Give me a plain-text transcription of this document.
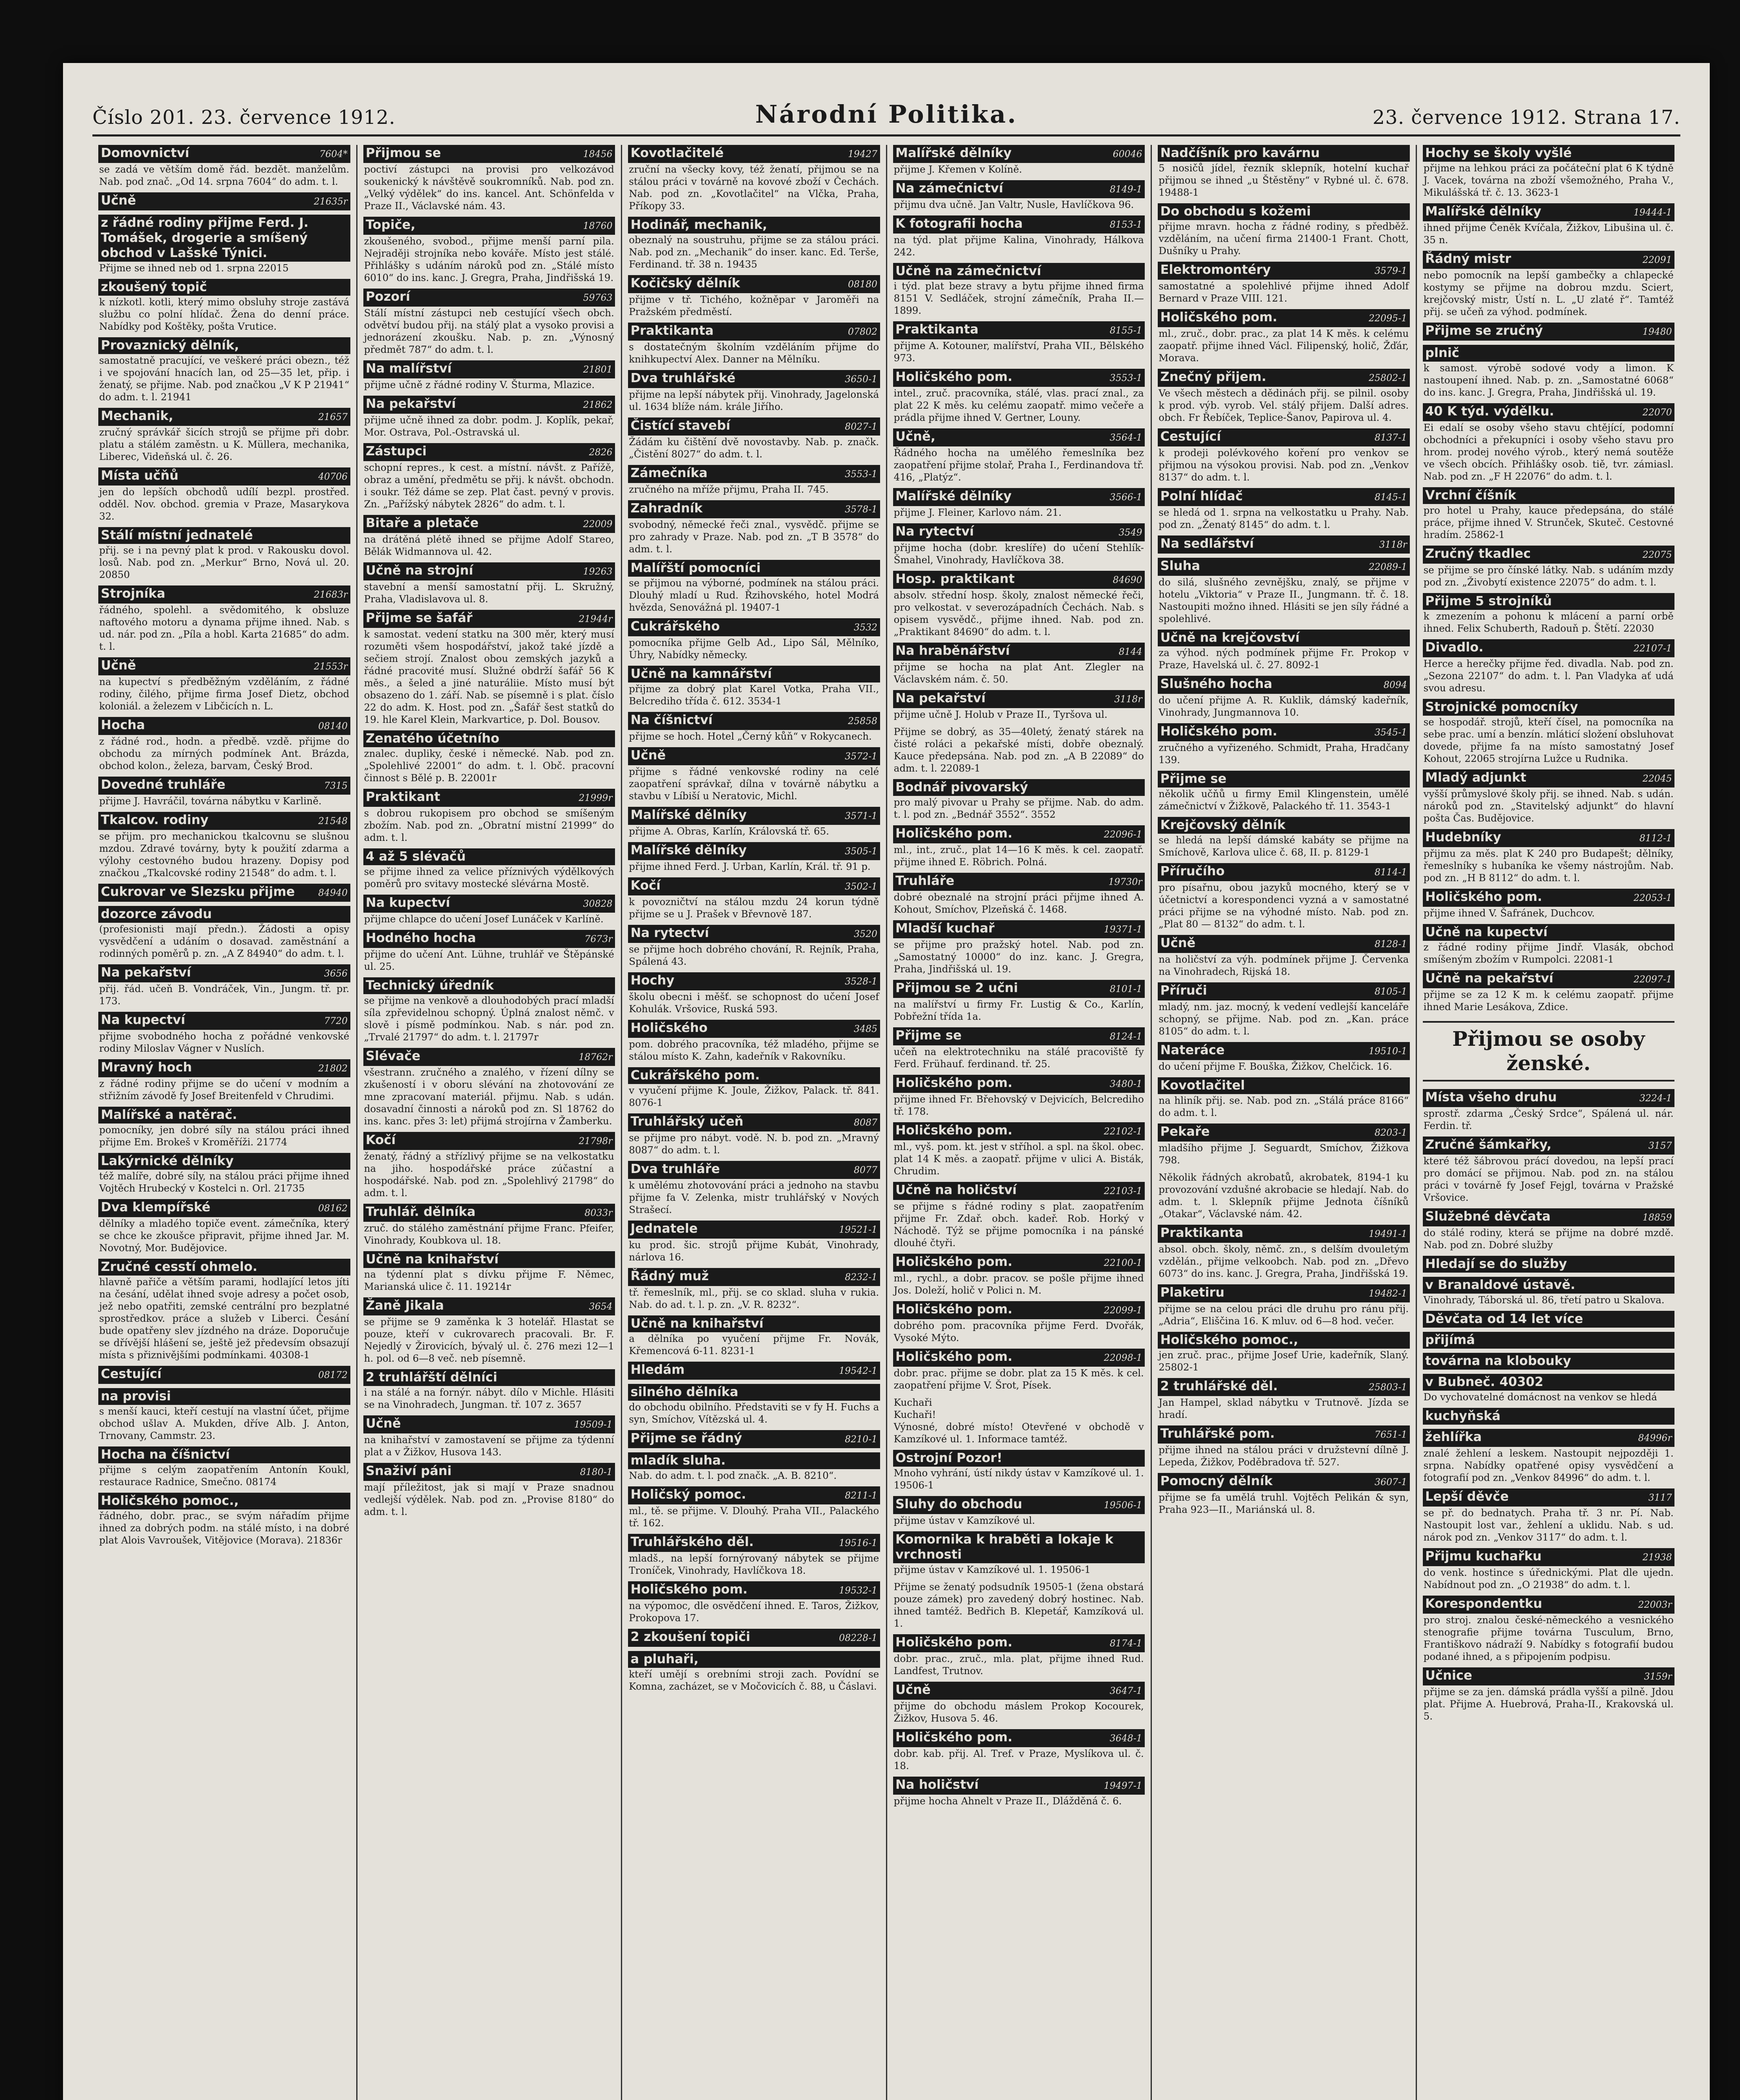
Číslo 201. 23. července 1912.	Národní Politika.	23. července 1912. Strana 17.
Domovnictví	7604*
se zadá ve větším domě řád. bezdět. manželům. Nab. pod znač. „Od 14. srpna 7604“ do adm. t. l.
Učně	21635r
z řádné rodiny přijme Ferd. J. Tomášek, drogerie a smíšený obchod v Lašské Týnici.
Přijme se ihned neb od 1. srpna 22015
zkoušený topič
k nízkotl. kotli, který mimo obsluhy stroje zastává službu co polní hlídač. Žena do denní práce. Nabídky pod Koštěky, pošta Vrutice.
Provaznický dělník,
samostatně pracující, ve veškeré práci obezn., též i ve spojování hnacích lan, od 25—35 let, přip. i ženatý, se přijme. Nab. pod značkou „V K P 21941“ do adm. t. l. 21941
Mechanik,	21657
zručný správkář šicích strojů se přijme při dobr. platu a stálém zaměstn. u K. Müllera, mechanika, Liberec, Videňská ul. č. 26.
Místa učňů	40706
jen do lepších obchodů udílí bezpl. prostřed. odděl. Nov. obchod. gremia v Praze, Masarykova 32.
Stálí místní jednatelé
přij. se i na pevný plat k prod. v Rakousku dovol. losů. Nab. pod zn. „Merkur“ Brno, Nová ul. 20. 20850
Strojníka	21683r
řádného, spolehl. a svědomitého, k obsluze naftového motoru a dynama přijme ihned. Nab. s ud. nár. pod zn. „Píla a hobl. Karta 21685“ do adm. t. l.
Učně	21553r
na kupectví s předběžným vzděláním, z řádné rodiny, čilého, přijme firma Josef Dietz, obchod koloniál. a železem v Libčicích n. L.
Hocha	08140
z řádné rod., hodn. a předbě. vzdě. přijme do obchodu za mírných podmínek Ant. Brázda, obchod kolon., železa, barvam, Český Brod.
Dovedné truhláře	7315
přijme J. Havráčil, továrna nábytku v Karlině.
Tkalcov. rodiny	21548
se přijm. pro mechanickou tkalcovnu se slušnou mzdou. Zdravé továrny, byty k použití zdarma a výlohy cestovného budou hrazeny. Dopisy pod značkou „Tkalcovské rodiny 21548“ do adm. t. l.
Cukrovar ve Slezsku přijme	84940
dozorce závodu
(profesionisti mají předn.). Žádosti a opisy vysvědčení a udáním o dosavad. zaměstnání a rodinných poměrů p. zn. „A Z 84940“ do adm. t. l.
Na pekařství	3656
přij. řád. učeň B. Vondráček, Vin., Jungm. tř. pr. 173.
Na kupectví	7720
přijme svobodného hocha z pořádné venkovské rodiny Miloslav Vágner v Nuslích.
Mravný hoch	21802
z řádné rodiny přijme se do učení v modním a střižním závodě fy Josef Breitenfeld v Chrudimi.
Malířské a natěrač.
pomocníky, jen dobré síly na stálou práci ihned přijme Em. Brokeš v Kroměříži. 21774
Lakýrnické dělníky
též malíře, dobré síly, na stálou práci přijme ihned Vojtěch Hrubecký v Kostelci n. Orl. 21735
Dva klempířské	08162
dělníky a mladého topiče event. zámečníka, který se chce ke zkoušce připravit, přijme ihned Jar. M. Novotný, Mor. Budějovice.
Zručné cesstí ohmelo.
hlavně pařiče a větším parami, hodlající letos jíti na česání, udělat ihned svoje adresy a počet osob, jež nebo opatřiti, zemské centrální pro bezplatné sprostředkov. práce a služeb v Liberci. Česání bude opatřeny slev jízdného na dráze. Doporučuje se dřívější hlášení se, ještě jež předevsím obsazují místa s přiznivějšími podmínkami. 40308-1
Cestující	08172
na provisi
s menší kauci, kteří cestují na vlastní účet, přijme obchod ušlav A. Mukden, dříve Alb. J. Anton, Trnovany, Cammstr. 23.
Hocha na číšnictví
přijme s celým zaopatřením Antonín Koukl, restaurace Radnice, Smečno. 08174
Holičského pomoc.,
řádného, dobr. prac., se svým nářadím přijme ihned za dobrých podm. na stálé místo, i na dobré plat Alois Vavroušek, Vitějovice (Morava). 21836r
Přijmou se	18456
poctiví zástupci na provisi pro velkozávod soukenický k návštěvě soukromníků. Nab. pod zn. „Velký výdělek“ do ins. kancel. Ant. Schönfelda v Praze II., Václavské nám. 43.
Topiče,	18760
zkoušeného, svobod., přijme menší parní pila. Nejraději strojníka nebo kováře. Místo jest stálé. Přihlášky s udáním nároků pod zn. „Stálé místo 6010“ do ins. kanc. J. Gregra, Praha, Jindřišská 19.
Pozorí	59763
Stálí místní zástupci neb cestující všech obch. odvětví budou přij. na stálý plat a vysoko provisi a jednorázení zkoušku. Nab. p. zn. „Výnosný předmět 787“ do adm. t. l.
Na malířství	21801
přijme učně z řádné rodiny V. Šturma, Mlazice.
Na pekařství	21862
přijme učně ihned za dobr. podm. J. Koplík, pekař, Mor. Ostrava, Pol.-Ostravská ul.
Zástupci	2826
schopní repres., k cest. a místní. návšt. z Pařížě, obraz a umění, předmětu se přij. k návšt. obchodn. i soukr. Též dáme se zep. Plat čast. pevný v provis. Zn. „Pařížský nábytek 2826“ do adm. t. l.
Bitaře a pletače	22009
na drátěná plétě ihned se přijme Adolf Stareo, Bělák Widmannova ul. 42.
Učně na strojní	19263
stavební a menší samostatní přij. L. Skružný, Praha, Vladislavova ul. 8.
Přijme se šafář	21944r
k samostat. vedení statku na 300 měr, který musí rozuměti všem hospodářství, jakož také jízdě a sečiem strojí. Znalost obou zemských jazyků a řádné pracovité musí. Služné obdrží šafář 56 K měs., a šeled a jiné naturáliie. Místo musí být obsazeno do 1. září. Nab. se písemně i s plat. číslo 22 do adm. K. Host. pod zn. „Šafář šest statků do 19. hle Karel Klein, Markvartice, p. Dol. Bousov.
Zenatého účetního
znalec. dupliky, české i německé. Nab. pod zn. „Spolehlivé 22001“ do adm. t. l. Obč. pracovní činnost s Bělé p. B. 22001r
Praktikant	21999r
s dobrou rukopisem pro obchod se smíšeným zbožím. Nab. pod zn. „Obratní mistní 21999“ do adm. t. l.
4 až 5 slévačů
se přijme ihned za velice příznivých výdělkových poměrů pro svitavy mostecké slévárna Mostě.
Na kupectví	30828
přijme chlapce do učení Josef Lunáček v Karlíně.
Hodného hocha	7673r
přijme do učení Ant. Lühne, truhlář ve Štěpánské ul. 25.
Technický úředník
se přijme na venkově a dlouhodobých prací mladší síla zpřevidelnou schopný. Úplná znalost němč. v slově i písmě podmínkou. Nab. s nár. pod zn. „Trvalé 21797“ do adm. t. l. 21797r
Slévače	18762r
všestrann. zručného a znalého, v řízení dílny se zkušeností i v oboru slévání na zhotovování ze mne zpracovaní materiál. přijmu. Nab. s udán. dosavadní činnosti a nároků pod zn. Sl 18762 do ins. kanc. přes 3: let) přijmá strojírna v Žamberku.
Kočí	21798r
ženatý, řádný a střízlivý přijme se na velkostatku na jiho. hospodářské práce zúčastní a hospodářské. Nab. pod zn. „Spolehlivý 21798“ do adm. t. l.
Truhlář. dělníka	8033r
zruč. do stálého zaměstnání přijme Franc. Pfeifer, Vinohrady, Koubkova ul. 18.
Učně na knihařství
na týdenní plat s dívku přijme F. Němec, Marianská ulice č. 11. 19214r
Žaně Jikala	3654
se přijme se 9 zaměnka k 3 hotelář. Hlastat se pouze, kteří v cukrovarech pracovali. Br. F. Nejedlý v Žirovicích, bývalý ul. č. 276 mezi 12—1 h. pol. od 6—8 več. neb písemně.
2 truhlářští dělníci
i na stálé a na fornýr. nábyt. dílo v Michle. Hlásiti se na Vinohradech, Jungman. tř. 107 z. 3657
Učně	19509-1
na knihařství v zamostavení se přijme za týdenní plat a v Žižkov, Husova 143.
Snaživí páni	8180-1
mají příležitost, jak si mají v Praze snadnou vedlejší výdělek. Nab. pod zn. „Provise 8180“ do adm. t. l.
Kovotlačitelé	19427
zruční na všecky kovy, též ženatí, přijmou se na stálou práci v továrně na kovové zboží v Čechách. Nab. pod zn. „Kovotlačitel“ na Vlčka, Praha, Příkopy 33.
Hodinář, mechanik,
obeznalý na soustruhu, přijme se za stálou práci. Nab. pod zn. „Mechanik“ do inser. kanc. Ed. Terše, Ferdinand. tř. 38 n. 19435
Kočičský dělník	08180
přijme v tř. Tichého, kožněpar v Jaroměři na Pražském předměstí.
Praktikanta	07802
s dostatečným školním vzděláním přijme do knihkupectví Alex. Danner na Mělníku.
Dva truhlářské	3650-1
přijme na lepší nábytek přij. Vinohrady, Jagelonská ul. 1634 blíže nám. krále Jiřího.
Čistící stavebí	8027-1
Žádám ku čištění dvě novostavby. Nab. p. značk. „Čistění 8027“ do adm. t. l.
Zámečníka	3553-1
zručného na mříže přijmu, Praha II. 745.
Zahradník	3578-1
svobodný, německé řeči znal., vysvědč. přijme se pro zahrady v Praze. Nab. pod zn. „T B 3578“ do adm. t. l.
Malířští pomocníci
se přijmou na výborné, podmínek na stálou práci. Dlouhý mladí u Rud. Řzihovského, hotel Modrá hvězda, Senovážná pl. 19407-1
Cukrářského	3532
pomocníka přijme Gelb Ad., Lipo Sál, Mělníko, Úhry, Nabídky německy.
Učně na kamnářství
přijme za dobrý plat Karel Votka, Praha VII., Belcrediho třída č. 612. 3534-1
Na číšnictví	25858
přijme se hoch. Hotel „Černý kůň“ v Rokycanech.
Učně	3572-1
přijme s řádné venkovské rodiny na celé zaopatření správkař, dílna v továrně nábytku a stavbu v Líbiší u Neratovic, Michl.
Malířské dělníky	3571-1
přijme A. Obras, Karlín, Královská tř. 65.
Malířské dělníky	3505-1
přijme ihned Ferd. J. Urban, Karlín, Král. tř. 91 p.
Kočí	3502-1
k povozničtví na stálou mzdu 24 korun týdně přijme se u J. Prašek v Břevnově 187.
Na rytectví	3520
se přijme hoch dobrého chování, R. Rejník, Praha, Spálená 43.
Hochy	3528-1
školu obecni i měšť. se schopnost do učení Josef Kohulák. Vršovice, Ruská 593.
Holičského	3485
pom. dobrého pracovníka, též mladého, přijme se stálou místo K. Zahn, kadeřník v Rakovníku.
Cukrářského pom.
v vyučení přijme K. Joule, Žižkov, Palack. tř. 841. 8076-1
Truhlářský učeň	8087
se přijme pro nábyt. vodě. N. b. pod zn. „Mravný 8087“ do adm. t. l.
Dva truhláře	8077
k umělému zhotovování práci a jednoho na stavbu přijme fa V. Zelenka, mistr truhlářský v Nových Strašecí.
Jednatele	19521-1
ku prod. šic. strojů přijme Kubát, Vinohrady, nárlova 16.
Řádný muž	8232-1
tř. řemeslník, ml., přij. se co sklad. sluha v rukia. Nab. do ad. t. l. p. zn. „V. R. 8232“.
Učně na knihařství
a dělníka po vyučení přijme Fr. Novák, Křemencová 6-11. 8231-1
Hledám	19542-1
silného dělníka
do obchodu obilního. Představiti se v fy H. Fuchs a syn, Smíchov, Vítězská ul. 4.
Přijme se řádný	8210-1
mladík sluha.
Nab. do adm. t. l. pod značk. „A. B. 8210“.
Holičský pomoc.	8211-1
ml., tě. se přijme. V. Dlouhý. Praha VII., Palackého tř. 162.
Truhlářského děl.	19516-1
mladš., na lepší fornýrovaný nábytek se přijme Troníček, Vinohrady, Havlíčkova 18.
Holičského pom.	19532-1
na výpomoc, dle osvědčení ihned. E. Taros, Žižkov, Prokopova 17.
2 zkoušení topiči	08228-1
a pluhaři,
kteří umějí s orebními stroji zach. Povídní se Komna, zacházet, se v Močovicích č. 88, u Čáslavi.
Malířské dělníky	60046
přijme J. Křemen v Kolíně.
Na zámečnictví	8149-1
přijmu dva učně. Jan Valtr, Nusle, Havlíčkova 96.
K fotografii hocha	8153-1
na týd. plat přijme Kalina, Vinohrady, Hálkova 242.
Učně na zámečnictví
i týd. plat beze stravy a bytu přijme ihned firma 8151 V. Sedláček, strojní zámečník, Praha II.—1899.
Praktikanta	8155-1
přijme A. Kotouner, malířství, Praha VII., Bělského 973.
Holičského pom.	3553-1
intel., zruč. pracovníka, stálé, vlas. prací znal., za plat 22 K měs. ku celému zaopatř. mimo večeře a prádla přijme ihned V. Gertner, Louny.
Učně,	3564-1
Řádného hocha na umělého řemeslníka bez zaopatření přijme stolař, Praha I., Ferdinandova tř. 416, „Platýz“.
Malířské dělníky	3566-1
přijme J. Fleiner, Karlovo nám. 21.
Na rytectví	3549
přijme hocha (dobr. kreslíře) do učení Stehlík-Šmahel, Vinohrady, Havlíčkova 38.
Hosp. praktikant	84690
absolv. střední hosp. školy, znalost německé řeči, pro velkostat. v severozápadních Čechách. Nab. s opisem vysvědč., přijme ihned. Nab. pod zn. „Praktikant 84690“ do adm. t. l.
Na hraběnářství	8144
přijme se hocha na plat Ant. Zlegler na Václavském nám. č. 50.
Na pekařství	3118r
přijme učně J. Holub v Praze II., Tyršova ul.
Přijme se dobrý, as 35—40letý, ženatý stárek na čisté roláci a pekařské místi, dobře obeznalý. Kauce předepsána. Nab. pod zn. „A B 22089“ do adm. t. l. 22089-1
Bodnář pivovarský
pro malý pivovar u Prahy se přijme. Nab. do adm. t. l. pod zn. „Bednář 3552“. 3552
Holičského pom.	22096-1
ml., int., zruč., plat 14—16 K měs. k cel. zaopatř. přijme ihned E. Röbrich. Polná.
Truhláře	19730r
dobré obeznalé na strojní práci přijme ihned A. Kohout, Smíchov, Plzeňská č. 1468.
Mladší kuchař	19371-1
se přijme pro pražský hotel. Nab. pod zn. „Samostatný 10000“ do inz. kanc. J. Gregra, Praha, Jindřišská ul. 19.
Přijmou se 2 učni	8101-1
na malířství u firmy Fr. Lustig & Co., Karlín, Pobřežní třída 1a.
Přijme se	8124-1
učeň na elektrotechniku na stálé pracoviště fy Ferd. Frühauf. ferdinand. tř. 25.
Holičského pom.	3480-1
přijme ihned Fr. Břehovský v Dejvicích, Belcrediho tř. 178.
Holičského pom.	22102-1
ml., vyš. pom. kt. jest v stříhol. a spl. na škol. obec. plat 14 K měs. a zaopatř. přijme v ulici A. Bisták, Chrudim.
Učně na holičství	22103-1
se přijme s řádné rodiny s plat. zaopatřením přijme Fr. Zdař. obch. kadeř. Rob. Horký v Náchodě. Týž se přijme pomocníka i na pánské dlouhé čtyři.
Holičského pom.	22100-1
ml., rychl., a dobr. pracov. se pošle přijme ihned Jos. Doleží, holič v Polici n. M.
Holičského pom.	22099-1
dobrého pom. pracovníka přijme Ferd. Dvořák, Vysoké Mýto.
Holičského pom.	22098-1
dobr. prac. přijme se dobr. plat za 15 K měs. k cel. zaopatření přijme V. Šrot, Písek.
Kuchaři
Kuchaři!
Výnosné, dobré místo! Otevřené v obchodě v Kamzíkové ul. 1. Informace tamtéž.
Ostrojní Pozor!
Mnoho vyhrání, ústí nikdy ústav v Kamzíkové ul. 1. 19506-1
Sluhy do obchodu	19506-1
přijme ústav v Kamzíkové ul.
Komornika k hraběti a lokaje k vrchnosti
přijme ústav v Kamzíkové ul. 1. 19506-1
Přijme se ženatý podsudník 19505-1 (žena obstará pouze zámek) pro zavedený dobrý hostinec. Nab. ihned tamtéž. Bedřich B. Klepetář, Kamzíková ul. 1.
Holičského pom.	8174-1
dobr. prac., zruč., mla. plat, přijme ihned Rud. Landfest, Trutnov.
Učně	3647-1
přijme do obchodu máslem Prokop Kocourek, Žižkov, Husova 5. 46.
Holičského pom.	3648-1
dobr. kab. přij. Al. Tref. v Praze, Myslíkova ul. č. 18.
Na holičství	19497-1
přijme hocha Ahnelt v Praze II., Dlážděná č. 6.
Nadčíšník pro kavárnu
5 nosičů jídel, řezník sklepník, hotelní kuchař přijmou se ihned „u Štěstěny“ v Rybné ul. č. 678. 19488-1
Do obchodu s kožemi
přijme mravn. hocha z řádné rodiny, s předběž. vzděláním, na učení firma 21400-1 Frant. Chott, Dušníky u Prahy.
Elektromontéry	3579-1
samostatné a spolehlivé přijme ihned Adolf Bernard v Praze VIII. 121.
Holičského pom.	22095-1
ml., zruč., dobr. prac., za plat 14 K měs. k celému zaopatř. přijme ihned Václ. Filipenský, holič, Žďár, Morava.
Znečný přijem.	25802-1
Ve všech městech a dědinách přij. se pilnil. osoby k prod. výb. vyrob. Vel. stálý přijem. Další adres. obch. Fr Řebíček, Teplice-Šanov, Papirova ul. 4.
Cestující	8137-1
k prodeji polévkového koření pro venkov se přijmou na výsokou provisi. Nab. pod zn. „Venkov 8137“ do adm. t. l.
Polní hlídač	8145-1
se hledá od 1. srpna na velkostatku u Prahy. Nab. pod zn. „Ženatý 8145“ do adm. t. l.
Na sedlářství	3118r
Sluha	22089-1
do silá, slušného zevnějšku, znalý, se přijme v hotelu „Viktoria“ v Praze II., Jungmann. tř. č. 18. Nastoupiti možno ihned. Hlásiti se jen síly řádné a spolehlivé.
Učně na krejčovství
za výhod. ných podmínek přijme Fr. Prokop v Praze, Havelská ul. č. 27. 8092-1
Slušného hocha	8094
do učení přijme A. R. Kuklik, dámský kadeřník, Vinohrady, Jungmannova 10.
Holičského pom.	3545-1
zručného a vyřizeného. Schmidt, Praha, Hradčany 139.
Přijme se
několik učňů u firmy Emil Klingenstein, umělé zámečnictví v Žižkově, Palackého tř. 11. 3543-1
Krejčovský dělník
se hledá na lepší dámské kabáty se přijme na Smíchově, Karlova ulice č. 68, II. p. 8129-1
Příručího	8114-1
pro písařnu, obou jazyků mocného, který se v účetnictví a korespondenci vyzná a v samostatné práci přijme se na výhodné místo. Nab. pod zn. „Plat 80 — 8132“ do adm. t. l.
Učně	8128-1
na holičství za výh. podmínek přijme J. Červenka na Vinohradech, Rijská 18.
Příruči	8105-1
mladý, nm. jaz. mocný, k vedení vedlejší kanceláře schopný, se přijme. Nab. pod zn. „Kan. práce 8105“ do adm. t. l.
Nateráce	19510-1
do učení přijme F. Bouška, Žižkov, Chelčick. 16.
Kovotlačitel
na hliník přij. se. Nab. pod zn. „Stálá práce 8166“ do adm. t. l.
Pekaře	8203-1
mladšího přijme J. Seguardt, Smíchov, Žižkova 798.
Několik řádných akrobatů, akrobatek, 8194-1 ku provozování vzdušné akrobacie se hledají. Nab. do adm. t. l. Sklepník přijme Jednota číšníků „Otakar“, Václavské nám. 42.
Praktikanta	19491-1
absol. obch. školy, němč. zn., s delším dvouletým vzdělán., přijme velkoobch. Nab. pod zn. „Dřevo 6073“ do ins. kanc. J. Gregra, Praha, Jindřišská 19.
Plaketiru	19482-1
přijme se na celou práci dle druhu pro ránu přij. „Adria“, Eliščina 16. K mluv. od 6—8 hod. večer.
Holičského pomoc.,
jen zruč. prac., přijme Josef Urie, kadeřník, Slaný. 25802-1
2 truhlářské děl.	25803-1
Jan Hampel, sklad nábytku v Trutnově. Jízda se hradí.
Truhlářské pom.	7651-1
přijme ihned na stálou práci v družstevní dílně J. Lepeda, Žižkov, Poděbradova tř. 527.
Pomocný dělník	3607-1
přijme se fa umělá truhl. Vojtěch Pelikán & syn, Praha 923—II., Mariánská ul. 8.
Hochy se školy vyšlé
přijme na lehkou práci za počáteční plat 6 K týdně J. Vacek, továrna na zboží všemožného, Praha V., Mikulášská tř. č. 13. 3623-1
Malířské dělníky	19444-1
ihned přijme Čeněk Kvíčala, Žižkov, Libušina ul. č. 35 n.
Řádný mistr	22091
nebo pomocník na lepší gambečky a chlapecké kostymy se přijme na dobrou mzdu. Sciert, krejčovský mistr, Ústí n. L. „U zlaté ř“. Tamtéž přij. se učeň za výhod. podmínek.
Přijme se zručný	19480
plnič
k samost. výrobě sodové vody a limon. K nastoupení ihned. Nab. p. zn. „Samostatné 6068“ do ins. kanc. J. Gregra, Praha, Jindřišská ul. 19.
40 K týd. výdělku.	22070
Ei edalí se osoby všeho stavu chtějící, podomní obchodníci a překupníci i osoby všeho stavu pro hrom. prodej nového výrob., který nemá soutěže ve všech obcích. Přihlášky osob. tiě, tvr. zámiasl. Nab. pod zn. „F H 22076“ do adm. t. l.
Vrchní číšník
pro hotel u Prahy, kauce předepsána, do stálé práce, přijme ihned V. Strunček, Skuteč. Cestovné hradím. 25862-1
Zručný tkadlec	22075
se přijme se pro čínské látky. Nab. s udáním mzdy pod zn. „Živobytí existence 22075“ do adm. t. l.
Přijme 5 strojníků
k zmezením a pohonu k mlácení a parní orbě ihned. Felix Schuberth, Radouň p. Štětí. 22030
Divadlo.	22107-1
Herce a herečky přijme řed. divadla. Nab. pod zn. „Sezona 22107“ do adm. t. l. Pan Vladyka ať udá svou adresu.
Strojnické pomocníky
se hospodář. strojů, kteří čísel, na pomocníka na sebe prac. umí a benzín. mláticí složení obsluhovat dovede, přijme fa na místo samostatný Josef Kohout, 22065 strojírna Lužce u Rudnika.
Mladý adjunkt	22045
vyšší průmyslové školy přij. se ihned. Nab. s udán. nároků pod zn. „Stavitelský adjunkt“ do hlavní pošta Čas. Budějovice.
Hudebníky	8112-1
přijmu za měs. plat K 240 pro Budapešt; dělníky, řemeslníky s hubaníka ke všemy nástrojům. Nab. pod zn. „H B 8112“ do adm. t. l.
Holičského pom.	22053-1
přijme ihned V. Šafránek, Duchcov.
Učně na kupectví
z řádné rodiny přijme Jindř. Vlasák, obchod smíšeným zbožím v Rumpolci. 22081-1
Učně na pekařství	22097-1
přijme se za 12 K m. k celému zaopatř. přijme ihned Marie Lesákova, Zdice.
Přijmou se osoby ženské.
Místa všeho druhu	3224-1
sprostř. zdarma „Český Srdce“, Spálená ul. nár. Ferdin. tř.
Zručné šámkařky,	3157
které též šábrovou prácí dovedou, na lepší prací pro domácí se přijmou. Nab. pod zn. na stálou práci v továrně fy Josef Fejgl, továrna v Pražské Vršovice.
Služebné děvčata	18859
do stálé rodiny, která se přijme na dobré mzdě. Nab. pod zn. Dobré služby
Hledají se do služby
v Branaldové ústavě.
Vinohrady, Táborská ul. 86, třetí patro u Skalova.
Děvčata od 14 let více
přijímá
továrna na klobouky
v Bubneč. 40302
Do vychovatelné domácnost na venkov se hledá
kuchyňská
žehlířka	84996r
znalé žehlení a leskem. Nastoupit nejpozději 1. srpna. Nabídky opatřené opisy vysvědčení a fotografií pod zn. „Venkov 84996“ do adm. t. l.
Lepší děvče	3117
se př. do bednatych. Praha tř. 3 nr. Pí. Nab. Nastoupit lost var., žehlení a uklidu. Nab. s ud. nárok pod zn. „Venkov 3117“ do adm. t. l.
Přijmu kuchařku	21938
do venk. hostince s úřednickými. Plat dle ujedn. Nabídnout pod zn. „O 21938“ do adm. t. l.
Korespondentku	22003r
pro stroj. znalou české-německého a vesnického stenografie přijme továrna Tusculum, Brno, Františkovo nádraží 9. Nabídky s fotografií budou podané ihned, a s připojením podpisu.
Učnice	3159r
přijme se za jen. dámská prádla vyšší a pilně. Jdou plat. Přijme A. Huebrová, Praha-II., Krakovská ul. 5.
